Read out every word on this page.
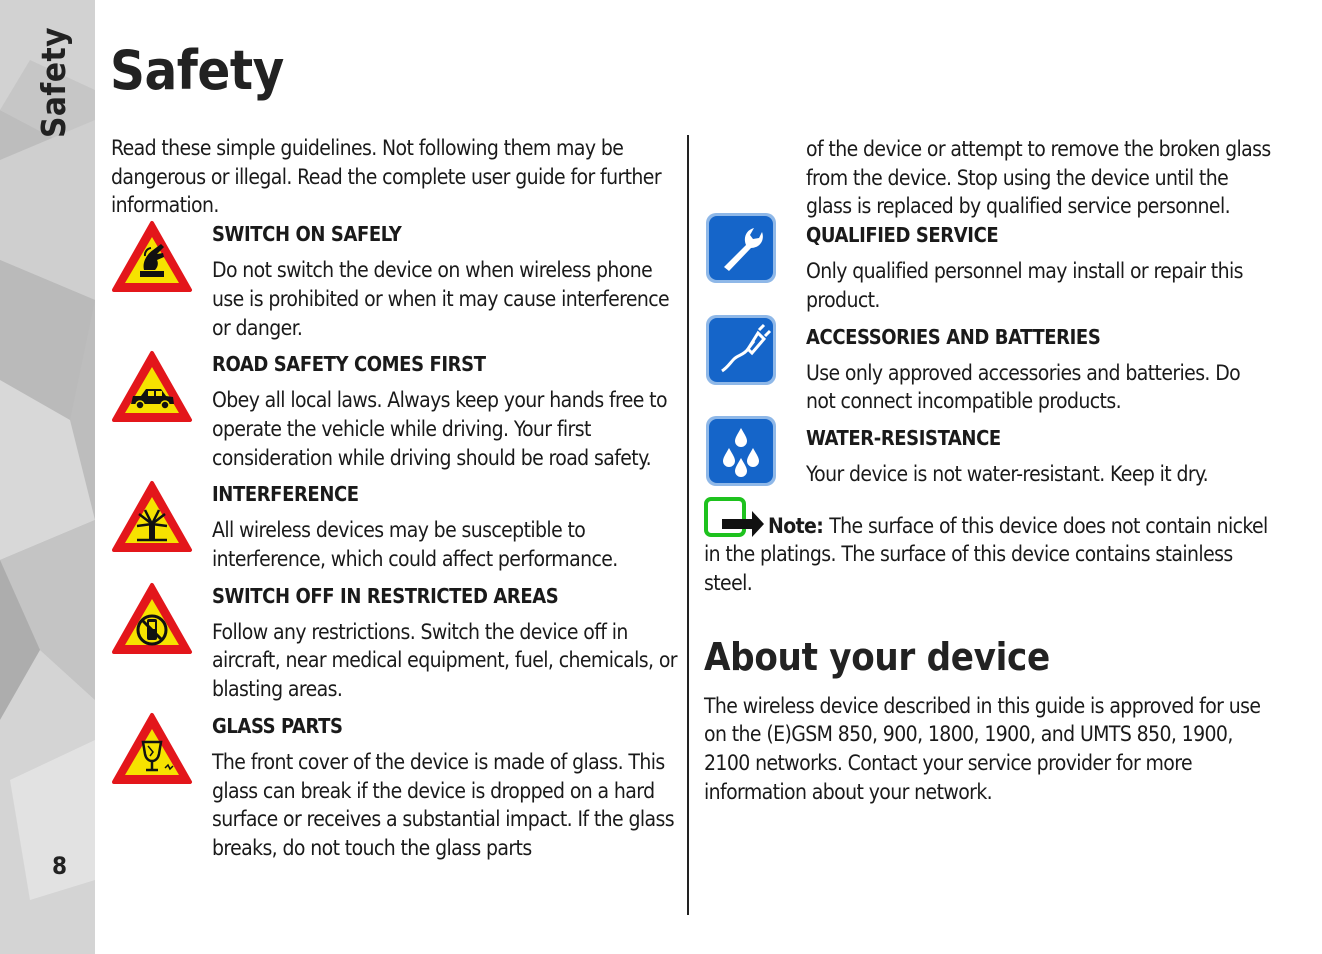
Safety
8
Safety

Read these simple guidelines. Not following them may be dangerous or illegal. Read the complete user guide for further information.

SWITCH ON SAFELY

Do not switch the device on when wireless phone use is prohibited or when it may cause interference or danger.

ROAD SAFETY COMES FIRST

Obey all local laws. Always keep your hands free to operate the vehicle while driving. Your first consideration while driving should be road safety.

INTERFERENCE

All wireless devices may be susceptible to interference, which could affect performance.

SWITCH OFF IN RESTRICTED AREAS

Follow any restrictions. Switch the device off in aircraft, near medical equipment, fuel, chemicals, or blasting areas.

GLASS PARTS

The front cover of the device is made of glass. This glass can break if the device is dropped on a hard surface or receives a substantial impact. If the glass breaks, do not touch the glass parts

of the device or attempt to remove the broken glass from the device. Stop using the device until the glass is replaced by qualified service personnel.

QUALIFIED SERVICE

Only qualified personnel may install or repair this product.

ACCESSORIES AND BATTERIES

Use only approved accessories and batteries. Do not connect incompatible products.

WATER-RESISTANCE

Your device is not water-resistant. Keep it dry.

Note: The surface of this device does not contain nickel in the platings. The surface of this device contains stainless steel.

About your device

The wireless device described in this guide is approved for use on the (E)GSM 850, 900, 1800, 1900, and UMTS 850, 1900, 2100 networks. Contact your service provider for more information about your network.
